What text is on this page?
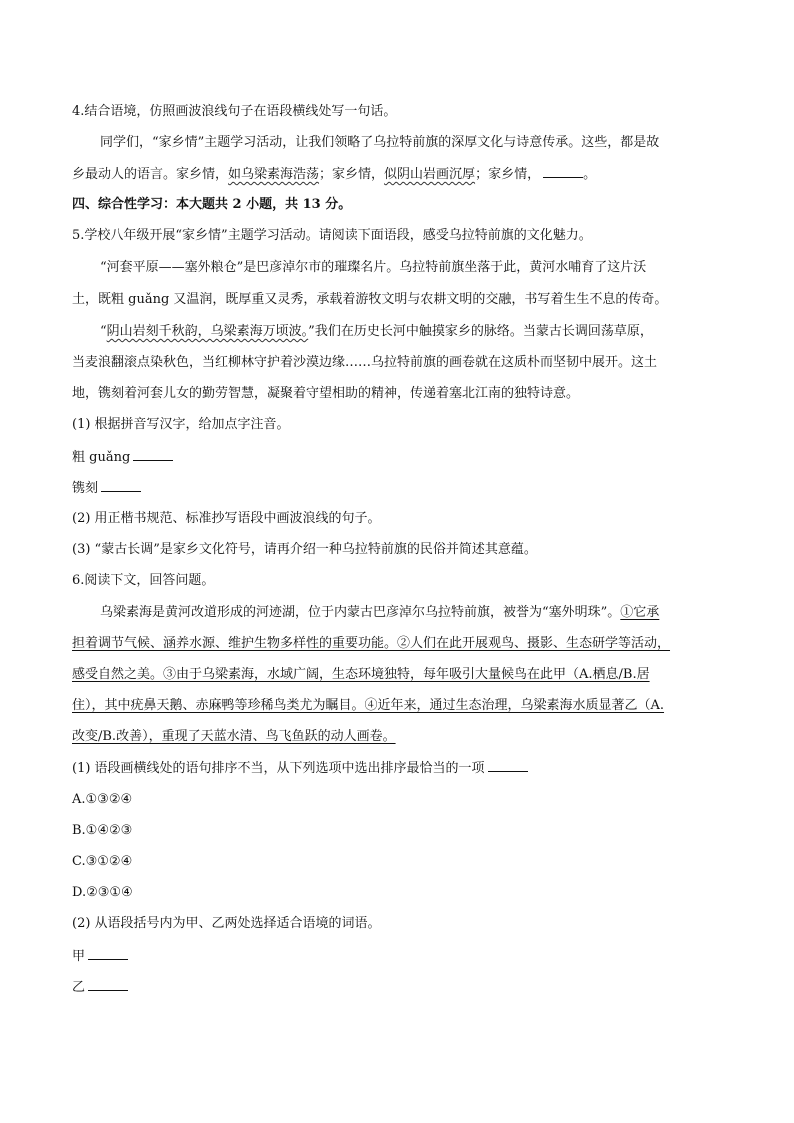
4.结合语境，仿照画波浪线句子在语段横线处写一句话。
同学们，“家乡情”主题学习活动，让我们领略了乌拉特前旗的深厚文化与诗意传承。这些，都是故
乡最动人的语言。家乡情，如乌梁素海浩荡；家乡情，似阴山岩画沉厚；家乡情，	。
四、综合性学习：本大题共 2 小题，共 13 分。
5.学校八年级开展“家乡情”主题学习活动。请阅读下面语段，感受乌拉特前旗的文化魅力。
“河套平原——塞外粮仓”是巴彦淖尔市的璀璨名片。乌拉特前旗坐落于此，黄河水哺育了这片沃
土，既粗 guǎng 又温润，既厚重又灵秀，承载着游牧文明与农耕文明的交融，书写着生生不息的传奇。
“阴山岩刻千秋韵，乌梁素海万顷波。”我们在历史长河中触摸家乡的脉络。当蒙古长调回荡草原，
当麦浪翻滚点染秋色，当红柳林守护着沙漠边缘……乌拉特前旗的画卷就在这质朴而坚韧中展开。这土
地，镌刻着河套儿女的勤劳智慧，凝聚着守望相助的精神，传递着塞北江南的独特诗意。
(1) 根据拼音写汉字，给加点字注音。
粗 guǎng
镌刻
(2) 用正楷书规范、标准抄写语段中画波浪线的句子。
(3) “蒙古长调”是家乡文化符号，请再介绍一种乌拉特前旗的民俗并简述其意蕴。
6.阅读下文，回答问题。
乌梁素海是黄河改道形成的河迹湖，位于内蒙古巴彦淖尔乌拉特前旗，被誉为“塞外明珠”。①它承
担着调节气候、涵养水源、维护生物多样性的重要功能。②人们在此开展观鸟、摄影、生态研学等活动，
感受自然之美。③由于乌梁素海，水域广阔，生态环境独特，每年吸引大量候鸟在此甲（A.栖息/B.居
住），其中疣鼻天鹅、赤麻鸭等珍稀鸟类尤为瞩目。④近年来，通过生态治理，乌梁素海水质显著乙（A.
改变/B.改善），重现了天蓝水清、鸟飞鱼跃的动人画卷。
(1) 语段画横线处的语句排序不当，从下列选项中选出排序最恰当的一项
A.①③②④
B.①④②③
C.③①②④
D.②③①④
(2) 从语段括号内为甲、乙两处选择适合语境的词语。
甲
乙
